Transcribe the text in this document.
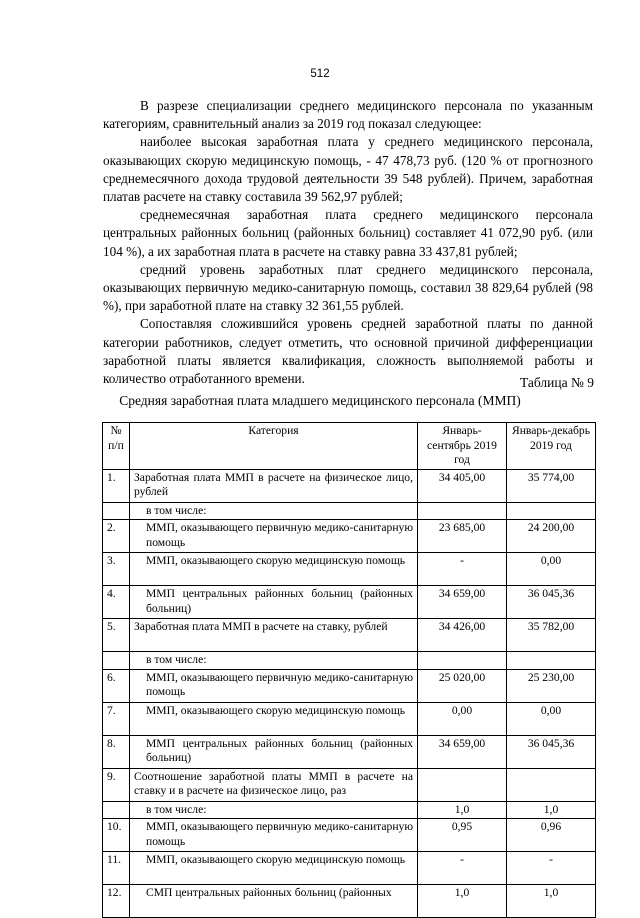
512

В разрезе специализации среднего медицинского персонала по указанным категориям, сравнительный анализ за 2019 год показал следующее:

наиболее высокая заработная плата у среднего медицинского персонала, оказывающих скорую медицинскую помощь, - 47 478,73 руб. (120 % от прогнозного среднемесячного дохода трудовой деятельности 39 548 рублей). Причем, заработная платав расчете на ставку составила 39 562,97 рублей;

среднемесячная заработная плата среднего медицинского персонала центральных районных больниц (районных больниц) составляет 41 072,90 руб. (или 104 %), а их заработная плата в расчете на ставку равна 33 437,81 рублей;

средний уровень заработных плат среднего медицинского персонала, оказывающих первичную медико-санитарную помощь, составил 38 829,64 рублей (98 %), при заработной плате на ставку 32 361,55 рублей.

Сопоставляя сложившийся уровень средней заработной платы по данной категории работников, следует отметить, что основной причиной дифференциации заработной платы является квалификация, сложность выполняемой работы и количество отработанного времени.	Таблица № 9
Средняя заработная плата младшего медицинского персонала (ММП)
№ п/п	Категория	Январь-сентябрь 2019 год	Январь-декабрь 2019 год
1.	Заработная плата ММП в расчете на физическое лицо, рублей	34 405,00	35 774,00
	в том числе:		
2.	ММП, оказывающего первичную медико-санитарную помощь	23 685,00	24 200,00
3.	ММП, оказывающего скорую медицинскую помощь	-	0,00
4.	ММП центральных районных больниц (районных больниц)	34 659,00	36 045,36
5.	Заработная плата ММП в расчете на ставку, рублей	34 426,00	35 782,00
	в том числе:		
6.	ММП, оказывающего первичную медико-санитарную помощь	25 020,00	25 230,00
7.	ММП, оказывающего скорую медицинскую помощь	0,00	0,00
8.	ММП центральных районных больниц (районных больниц)	34 659,00	36 045,36
9.	Соотношение заработной платы ММП в расчете на ставку и в расчете на физическое лицо, раз		
	в том числе:	1,0	1,0
10.	ММП, оказывающего первичную медико-санитарную помощь	0,95	0,96
11.	ММП, оказывающего скорую медицинскую помощь	-	-
12.	СМП центральных районных больниц (районных	1,0	1,0
